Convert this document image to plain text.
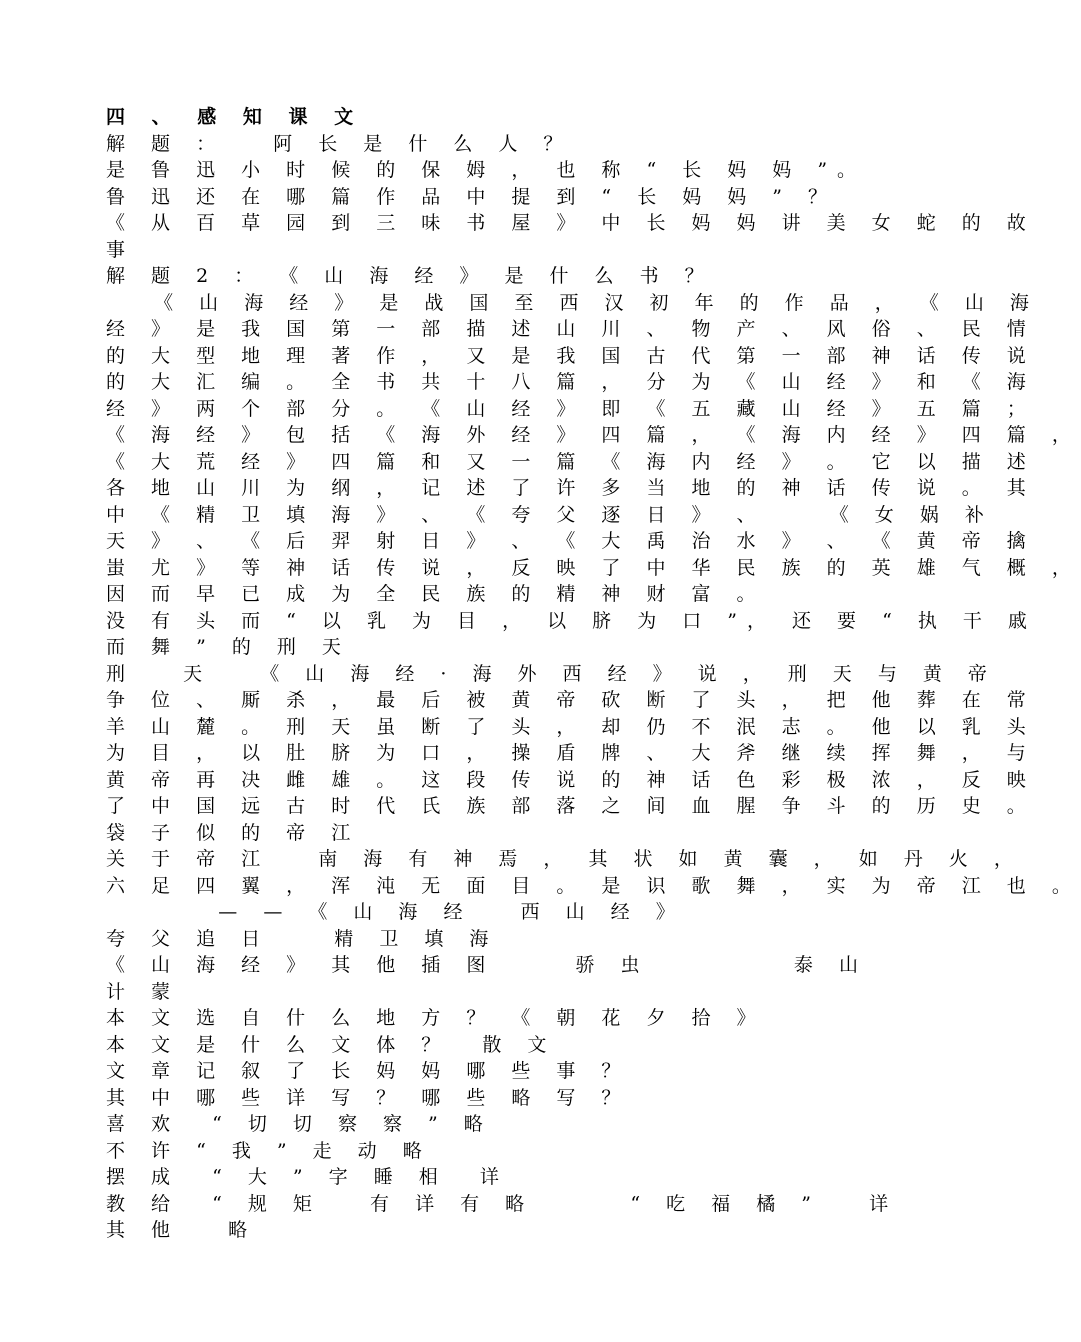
四 、 感 知 课 文
解 题 ：   阿 长 是 什 么 人 ？
是 鲁 迅 小 时 候 的 保 姆 ， 也 称 “ 长 妈 妈 ”。
鲁 迅 还 在 哪 篇 作 品 中 提 到 “ 长 妈 妈 ” ？
《 从 百 草 园 到 三 味 书 屋 》 中 长 妈 妈 讲 美 女 蛇 的 故
事
解 题 2 ： 《 山 海 经 》 是 什 么 书 ？
《 山 海 经 》 是 战 国 至 西 汉 初 年 的 作 品 ， 《 山 海
经 》 是 我 国 第 一 部 描 述 山 川 、 物 产 、 风 俗 、 民 情
的 大 型 地 理 著 作 ， 又 是 我 国 古 代 第 一 部 神 话 传 说
的 大 汇 编 。 全 书 共 十 八 篇 ， 分 为 《 山 经 》 和 《 海
经 》 两 个 部 分 。 《 山 经 》 即 《 五 藏 山 经 》 五 篇 ；
《 海 经 》 包 括 《 海 外 经 》 四 篇 ， 《 海 内 经 》 四 篇 ，
《 大 荒 经 》 四 篇 和 又 一 篇 《 海 内 经 》 。 它 以 描 述
各 地 山 川 为 纲 ， 记 述 了 许 多 当 地 的 神 话 传 说 。 其
中 《 精 卫 填 海 》 、 《 夸 父 逐 日 》 、    《 女 娲 补
天 》 、 《 后 羿 射 日 》 、 《 大 禹 治 水 》 、 《 黄 帝 擒
蚩 尤 》 等 神 话 传 说 ， 反 映 了 中 华 民 族 的 英 雄 气 概 ，
因 而 早 已 成 为 全 民 族 的 精 神 财 富 。
没 有 头 而 “ 以 乳 为 目 ， 以 脐 为 口 ”， 还 要 “ 执 干 戚
而 舞 ” 的 刑 天
刑   天   《 山 海 经 · 海 外 西 经 》 说 ， 刑 天 与 黄 帝
争 位 、 厮 杀 ， 最 后 被 黄 帝 砍 断 了 头 ， 把 他 葬 在 常
羊 山 麓 。 刑 天 虽 断 了 头 ， 却 仍 不 泯 志 。 他 以 乳 头
为 目 ， 以 肚 脐 为 口 ， 操 盾 牌 、 大 斧 继 续 挥 舞 ， 与
黄 帝 再 决 雌 雄 。 这 段 传 说 的 神 话 色 彩 极 浓 ， 反 映
了 中 国 远 古 时 代 氏 族 部 落 之 间 血 腥 争 斗 的 历 史 。
袋 子 似 的 帝 江
关 于 帝 江   南 海 有 神 焉 ， 其 状 如 黄 囊 ， 如 丹 火 ，
六 足 四 翼 ， 浑 沌 无 面 目 。 是 识 歌 舞 ， 实 为 帝 江 也 。
— — 《 山 海 经   西 山 经 》
夸 父 追 日    精 卫 填 海
《 山 海 经 》 其 他 插 图     骄 虫         泰 山
计 蒙
本 文 选 自 什 么 地 方 ？ 《 朝 花 夕 拾 》
本 文 是 什 么 文 体 ？  散 文
文 章 记 叙 了 长 妈 妈 哪 些 事 ？
其 中 哪 些 详 写 ？ 哪 些 略 写 ？
喜 欢  “ 切 切 察 察 ” 略
不 许 “ 我 ” 走 动 略
摆 成  “ 大 ” 字 睡 相  详
教 给  “ 规 矩   有 详 有 略      “ 吃 福 橘 ”   详
其 他   略
